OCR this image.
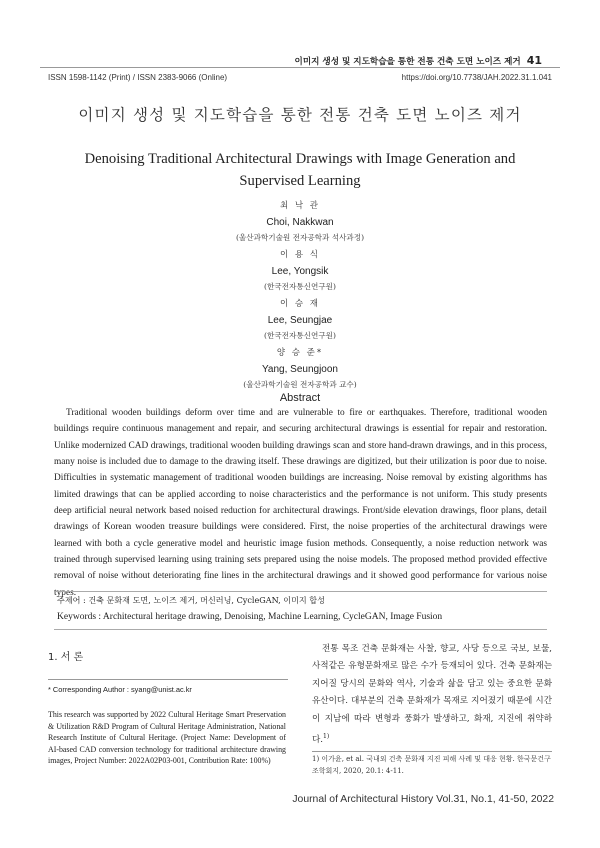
이미지 생성 및 지도학습을 통한 전통 건축 도면 노이즈 제거 41
ISSN 1598-1142 (Print) / ISSN 2383-9066 (Online)	https://doi.org/10.7738/JAH.2022.31.1.041
이미지 생성 및 지도학습을 통한 전통 건축 도면 노이즈 제거
Denoising Traditional Architectural Drawings with Image Generation and Supervised Learning
최 낙 관
Choi, Nakkwan
(울산과학기술원 전자공학과 석사과정)
이 용 식
Lee, Yongsik
(한국전자통신연구원)
이 승 재
Lee, Seungjae
(한국전자통신연구원)
양 승 준*
Yang, Seungjoon
(울산과학기술원 전자공학과 교수)
Abstract

Traditional wooden buildings deform over time and are vulnerable to fire or earthquakes. Therefore, traditional wooden buildings require continuous management and repair, and securing architectural drawings is essential for repair and restoration. Unlike modernized CAD drawings, traditional wooden building drawings scan and store hand-drawn drawings, and in this process, many noise is included due to damage to the drawing itself. These drawings are digitized, but their utilization is poor due to noise. Difficulties in systematic management of traditional wooden buildings are increasing. Noise removal by existing algorithms has limited drawings that can be applied according to noise characteristics and the performance is not uniform. This study presents deep artificial neural network based noised reduction for architectural drawings. Front/side elevation drawings, floor plans, detail drawings of Korean wooden treasure buildings were considered. First, the noise properties of the architectural drawings were learned with both a cycle generative model and heuristic image fusion methods. Consequently, a noise reduction network was trained through supervised learning using training sets prepared using the noise models. The proposed method provided effective removal of noise without deteriorating fine lines in the architectural drawings and it showed good performance for various noise types.

주제어 : 건축 문화재 도면, 노이즈 제거, 머신러닝, CycleGAN, 이미지 합성
Keywords : Architectural heritage drawing, Denoising, Machine Learning, CycleGAN, Image Fusion
1. 서 론
* Corresponding Author : syang@unist.ac.kr

This research was supported by 2022 Cultural Heritage Smart Preservation & Utilization R&D Program of Cultural Heritage Administration, National Research Institute of Cultural Heritage. (Project Name: Development of AI-based CAD conversion technology for traditional architecture drawing images, Project Number: 2022A02P03-001, Contribution Rate: 100%)

전통 목조 건축 문화재는 사찰, 향교, 사당 등으로 국보, 보물, 사적같은 유형문화재로 많은 수가 등재되어 있다. 건축 문화재는 지어질 당시의 문화와 역사, 기술과 삶을 담고 있는 중요한 문화 유산이다. 대부분의 건축 문화재가 목재로 지어졌기 때문에 시간이 지남에 따라 변형과 풍화가 발생하고, 화재, 지진에 취약하다.$^{1)}$

1) 이가윤, et al. 국내외 건축 문화재 지진 피해 사례 및 대응 현황. 한국문건구조학회지, 2020, 20.1: 4-11.

Journal of Architectural History Vol.31, No.1, 41-50, 2022
